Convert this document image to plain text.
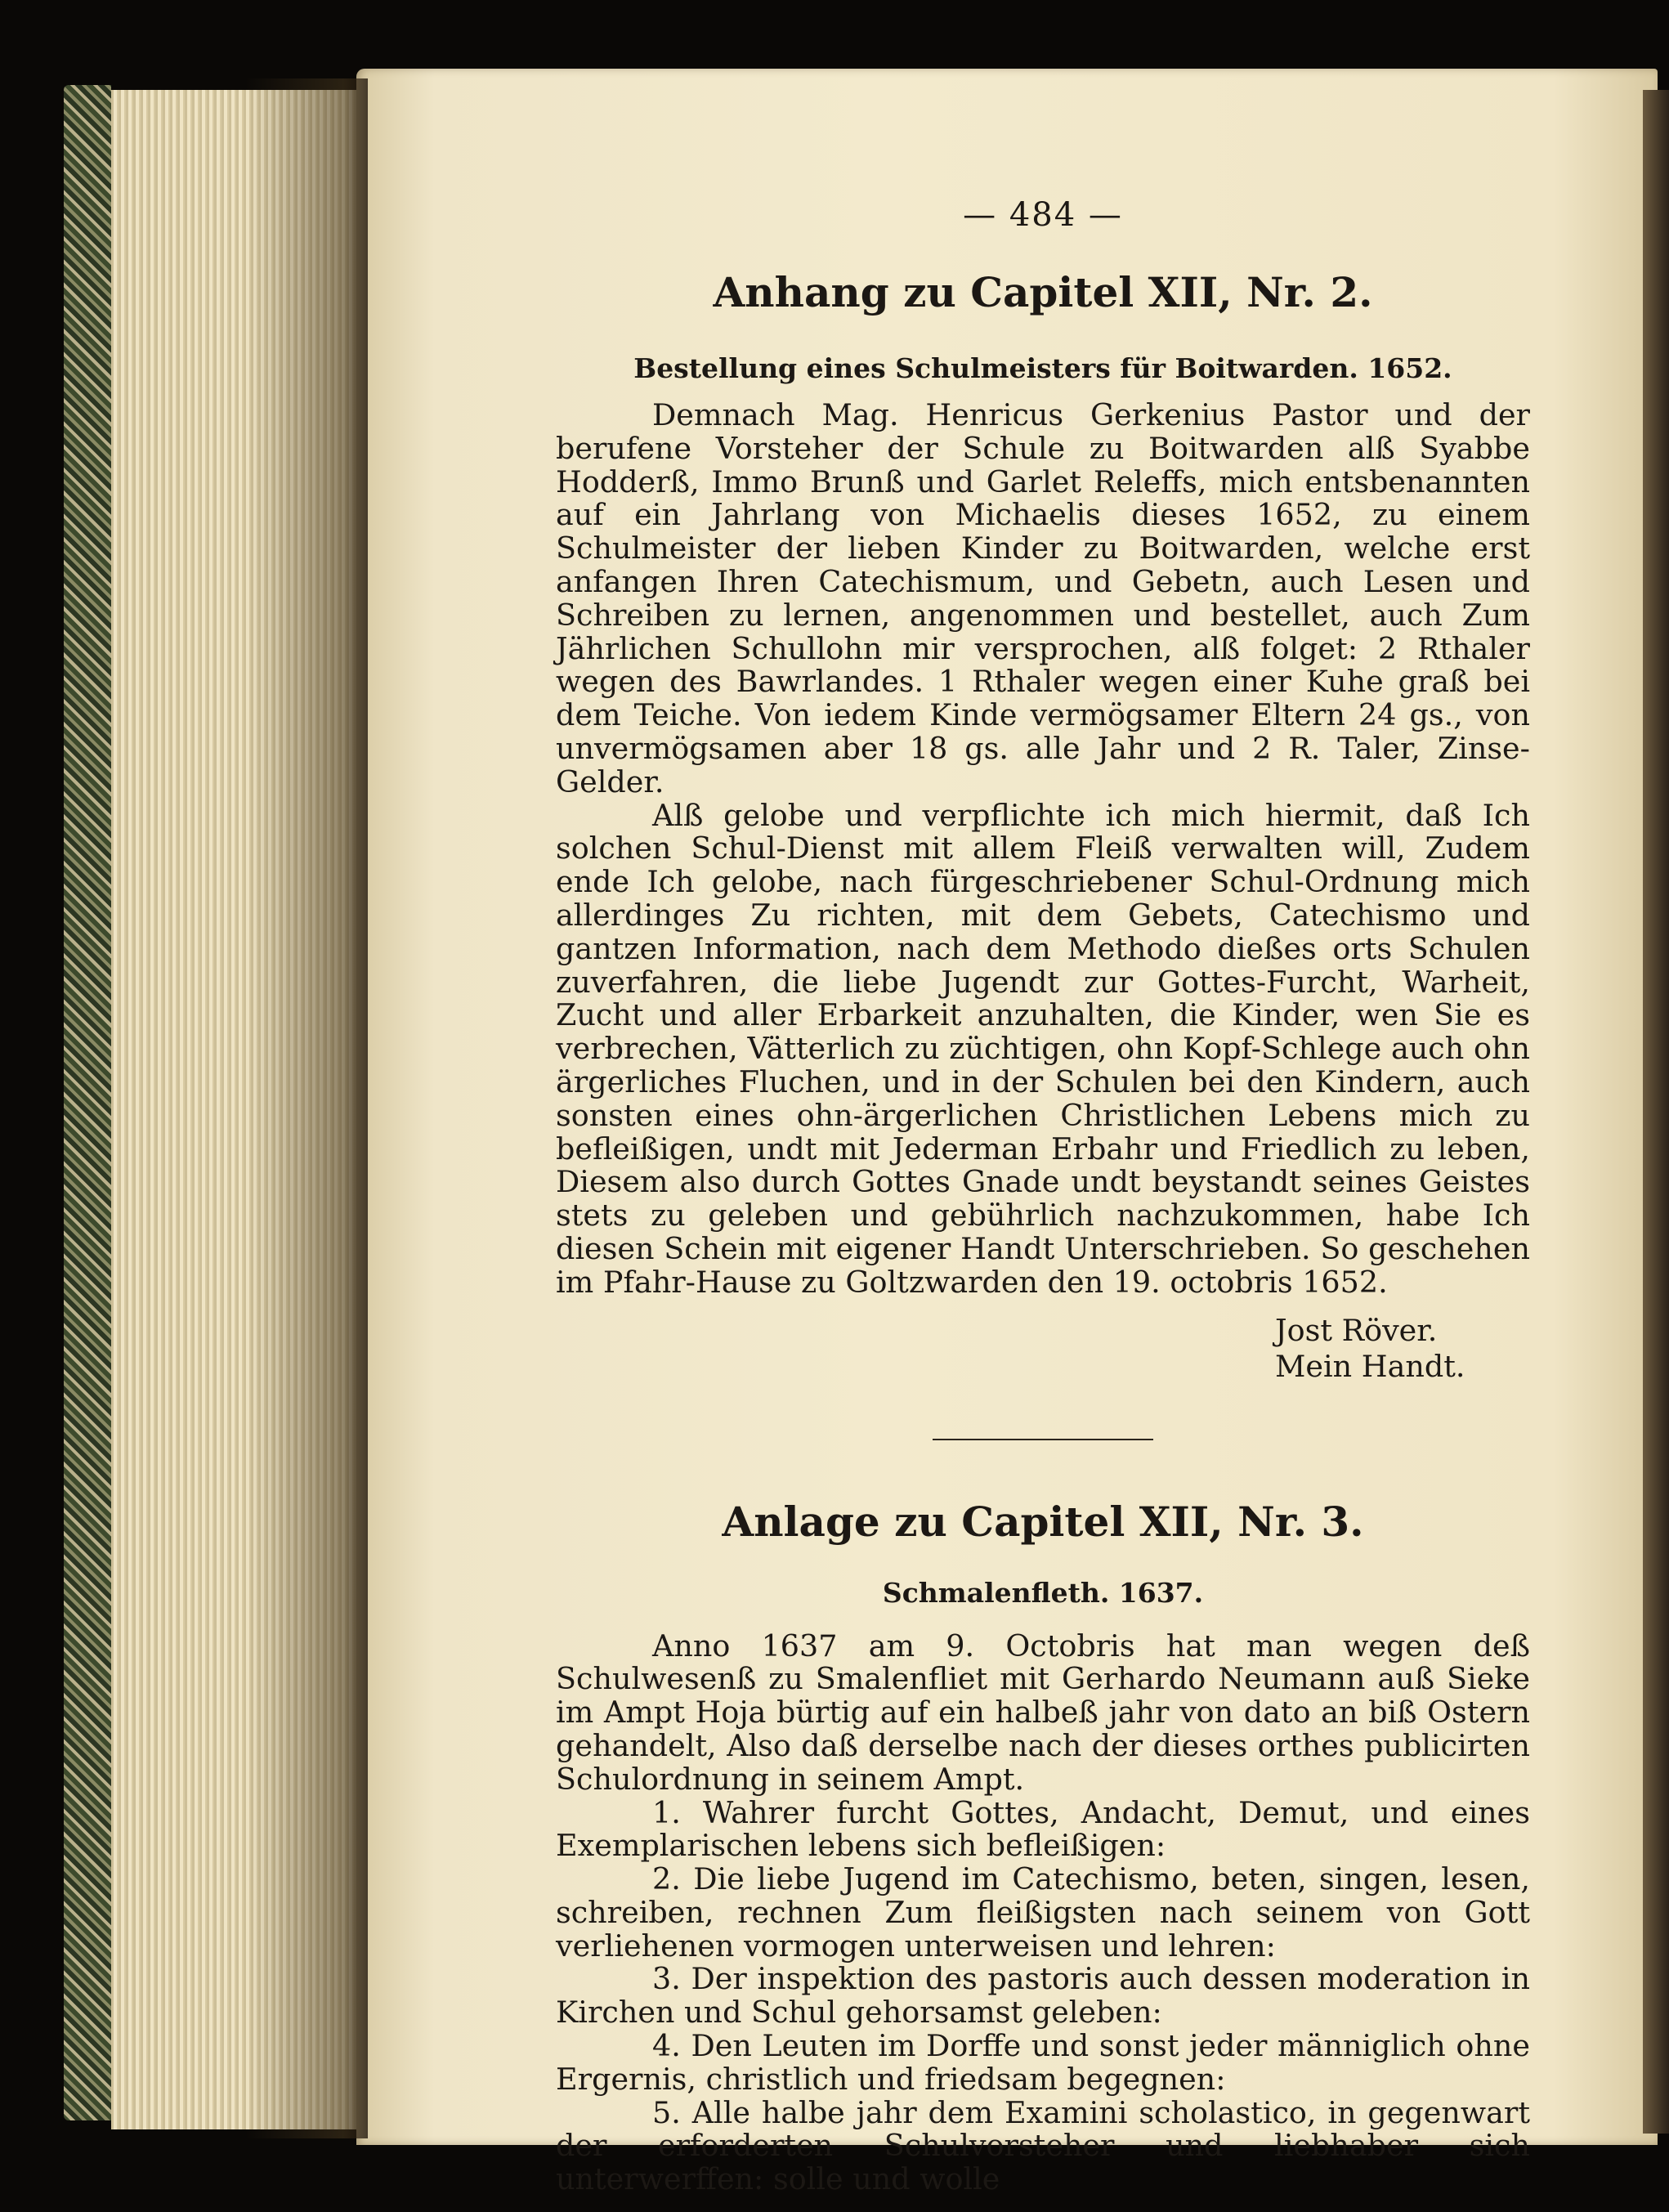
— 484 —
Anhang zu Capitel XII, Nr. 2.
Bestellung eines Schulmeisters für Boitwarden. 1652.

Demnach Mag. Henricus Gerkenius Pastor und der berufene Vorsteher der Schule zu Boitwarden alß Syabbe Hodderß, Immo Brunß und Garlet Releffs, mich entsbenannten auf ein Jahrlang von Michaelis dieses 1652, zu einem Schulmeister der lieben Kinder zu Boitwarden, welche erst anfangen Ihren Catechismum, und Gebetn, auch Lesen und Schreiben zu lernen, angenommen und bestellet, auch Zum Jährlichen Schullohn mir versprochen, alß folget: 2 Rthaler wegen des Bawrlandes. 1 Rthaler wegen einer Kuhe graß bei dem Teiche. Von iedem Kinde vermögsamer Eltern 24 gs., von unvermögsamen aber 18 gs. alle Jahr und 2 R. Taler, Zinse-Gelder.

Alß gelobe und verpflichte ich mich hiermit, daß Ich solchen Schul-Dienst mit allem Fleiß verwalten will, Zudem ende Ich gelobe, nach fürgeschriebener Schul-Ordnung mich allerdinges Zu richten, mit dem Gebets, Catechismo und gantzen Information, nach dem Methodo dießes orts Schulen zuverfahren, die liebe Jugendt zur Gottes-Furcht, Warheit, Zucht und aller Erbarkeit anzuhalten, die Kinder, wen Sie es verbrechen, Vätterlich zu züchtigen, ohn Kopf-Schlege auch ohn ärgerliches Fluchen, und in der Schulen bei den Kindern, auch sonsten eines ohn-ärgerlichen Christlichen Lebens mich zu befleißigen, undt mit Jederman Erbahr und Friedlich zu leben, Diesem also durch Gottes Gnade undt beystandt seines Geistes stets zu geleben und gebührlich nachzukommen, habe Ich diesen Schein mit eigener Handt Unterschrieben. So geschehen im Pfahr-Hause zu Goltzwarden den 19. octobris 1652.

Jost Röver.
Mein Handt.
Anlage zu Capitel XII, Nr. 3.
Schmalenfleth. 1637.

Anno 1637 am 9. Octobris hat man wegen deß Schulwesenß zu Smalenfliet mit Gerhardo Neumann auß Sieke im Ampt Hoja bürtig auf ein halbeß jahr von dato an biß Ostern gehandelt, Also daß derselbe nach der dieses orthes publicirten Schulordnung in seinem Ampt.

1. Wahrer furcht Gottes, Andacht, Demut, und eines Exemplarischen lebens sich befleißigen:

2. Die liebe Jugend im Catechismo, beten, singen, lesen, schreiben, rechnen Zum fleißigsten nach seinem von Gott verliehenen vormogen unterweisen und lehren:

3. Der inspektion des pastoris auch dessen moderation in Kirchen und Schul gehorsamst geleben:

4. Den Leuten im Dorffe und sonst jeder männiglich ohne Ergernis, christlich und friedsam begegnen:

5. Alle halbe jahr dem Examini scholastico, in gegenwart der erforderten Schulvorsteher und liebhaber sich unterwerffen: solle und wolle
